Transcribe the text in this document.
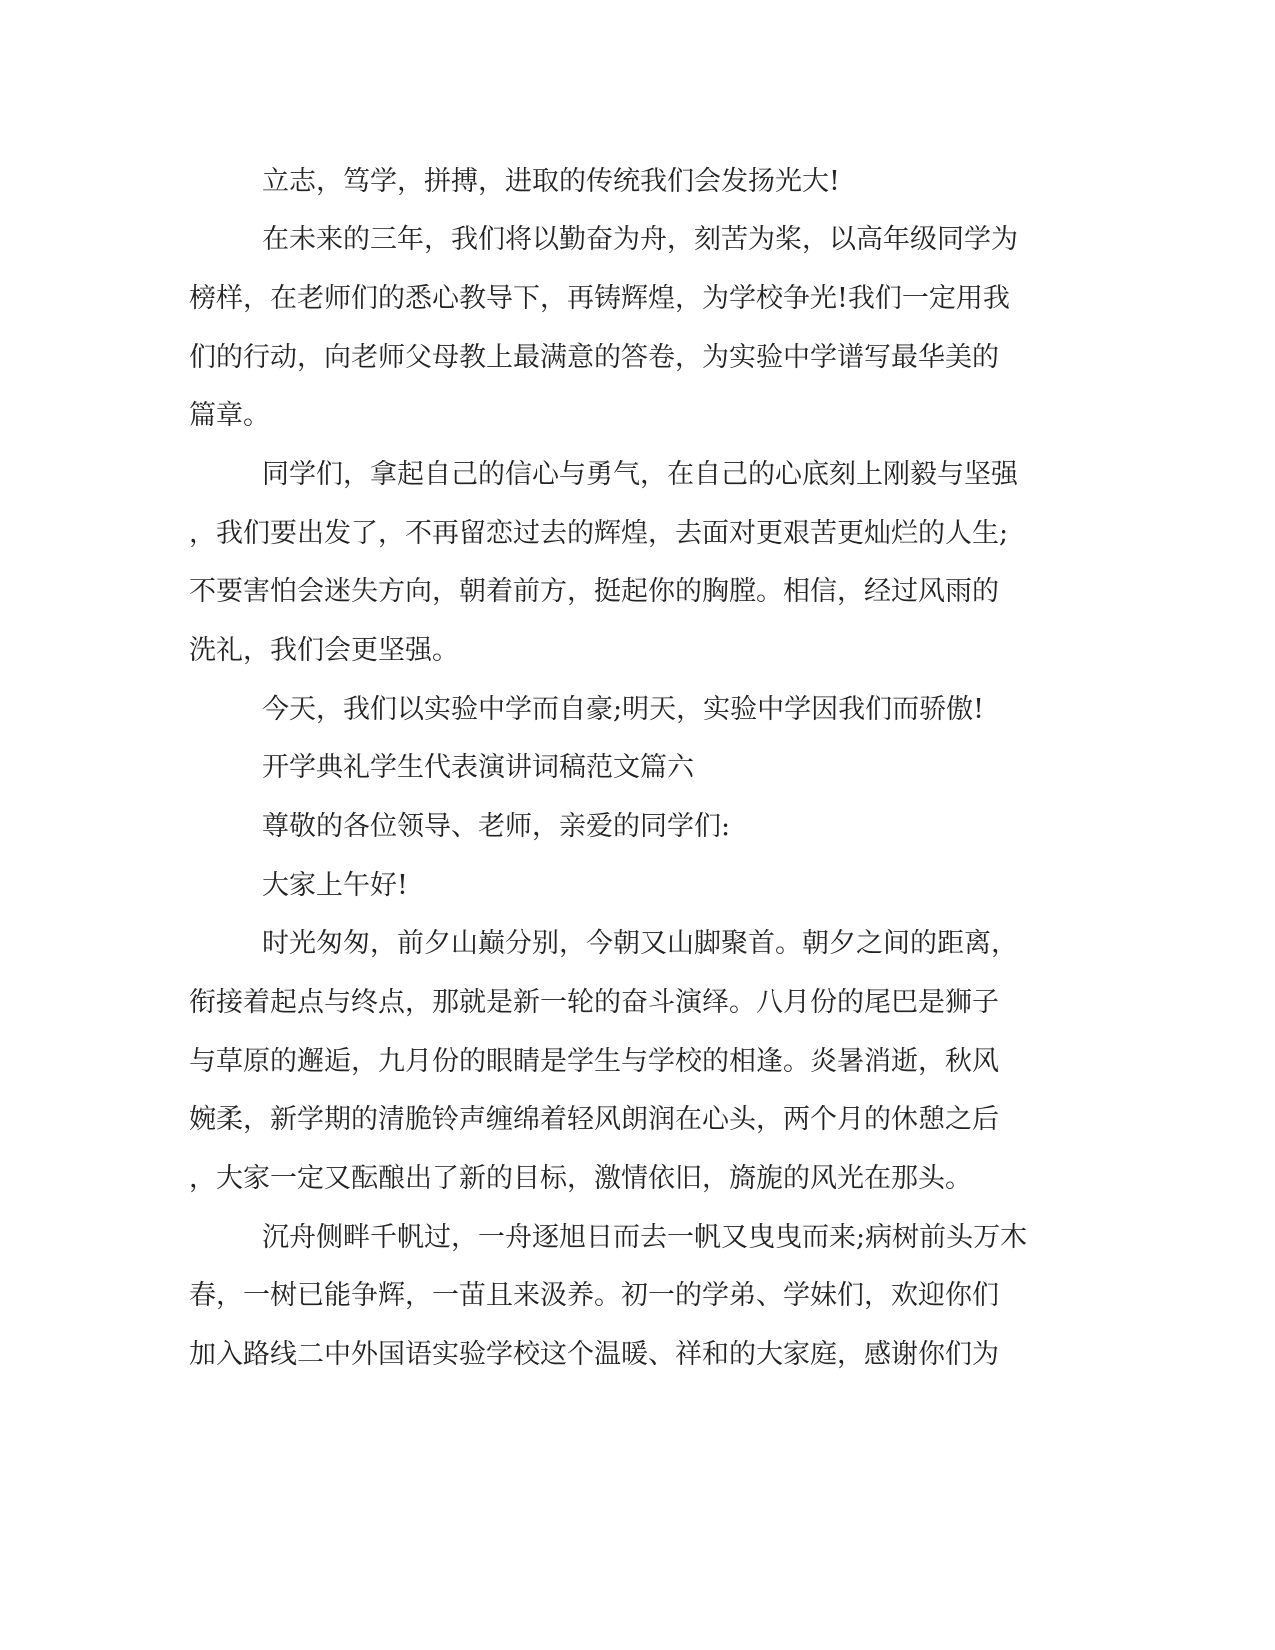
立志，笃学，拼搏，进取的传统我们会发扬光大!

在未来的三年，我们将以勤奋为舟，刻苦为桨，以高年级同学为

榜样，在老师们的悉心教导下，再铸辉煌，为学校争光!我们一定用我

们的行动，向老师父母教上最满意的答卷，为实验中学谱写最华美的

篇章。

同学们，拿起自己的信心与勇气，在自己的心底刻上刚毅与坚强

，我们要出发了，不再留恋过去的辉煌，去面对更艰苦更灿烂的人生;

不要害怕会迷失方向，朝着前方，挺起你的胸膛。相信，经过风雨的

洗礼，我们会更坚强。

今天，我们以实验中学而自豪;明天，实验中学因我们而骄傲!

开学典礼学生代表演讲词稿范文篇六

尊敬的各位领导、老师，亲爱的同学们:

大家上午好!

时光匆匆，前夕山巅分别，今朝又山脚聚首。朝夕之间的距离，

衔接着起点与终点，那就是新一轮的奋斗演绎。八月份的尾巴是狮子

与草原的邂逅，九月份的眼睛是学生与学校的相逢。炎暑消逝，秋风

婉柔，新学期的清脆铃声缠绵着轻风朗润在心头，两个月的休憩之后

，大家一定又酝酿出了新的目标，激情依旧，旖旎的风光在那头。

沉舟侧畔千帆过，一舟逐旭日而去一帆又曳曳而来;病树前头万木

春，一树已能争辉，一苗且来汲养。初一的学弟、学妹们，欢迎你们

加入路线二中外国语实验学校这个温暖、祥和的大家庭，感谢你们为
